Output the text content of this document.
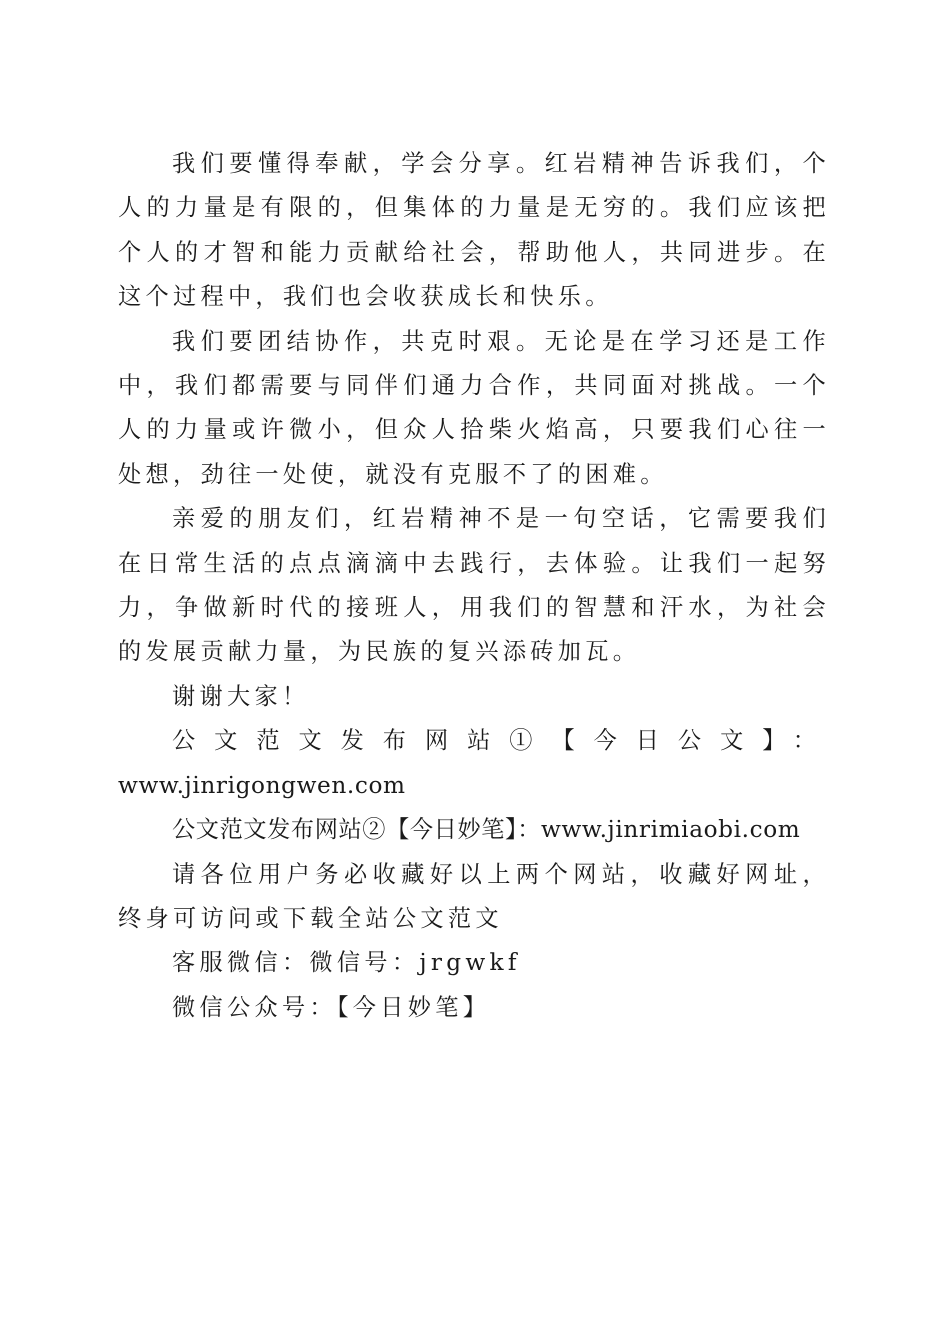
我们要懂得奉献，学会分享。红岩精神告诉我们，个人的力量是有限的，但集体的力量是无穷的。我们应该把个人的才智和能力贡献给社会，帮助他人，共同进步。在这个过程中，我们也会收获成长和快乐。

我们要团结协作，共克时艰。无论是在学习还是工作中，我们都需要与同伴们通力合作，共同面对挑战。一个人的力量或许微小，但众人拾柴火焰高，只要我们心往一处想，劲往一处使，就没有克服不了的困难。

亲爱的朋友们，红岩精神不是一句空话，它需要我们在日常生活的点点滴滴中去践行，去体验。让我们一起努力，争做新时代的接班人，用我们的智慧和汗水，为社会的发展贡献力量，为民族的复兴添砖加瓦。

谢谢大家！

公文范文发布网站①【今日公文】：

www.jinrigongwen.com

公文范文发布网站②【今日妙笔】：www.jinrimiaobi.com

请各位用户务必收藏好以上两个网站，收藏好网址，终身可访问或下载全站公文范文

客服微信：微信号：jrgwkf

微信公众号：【今日妙笔】
